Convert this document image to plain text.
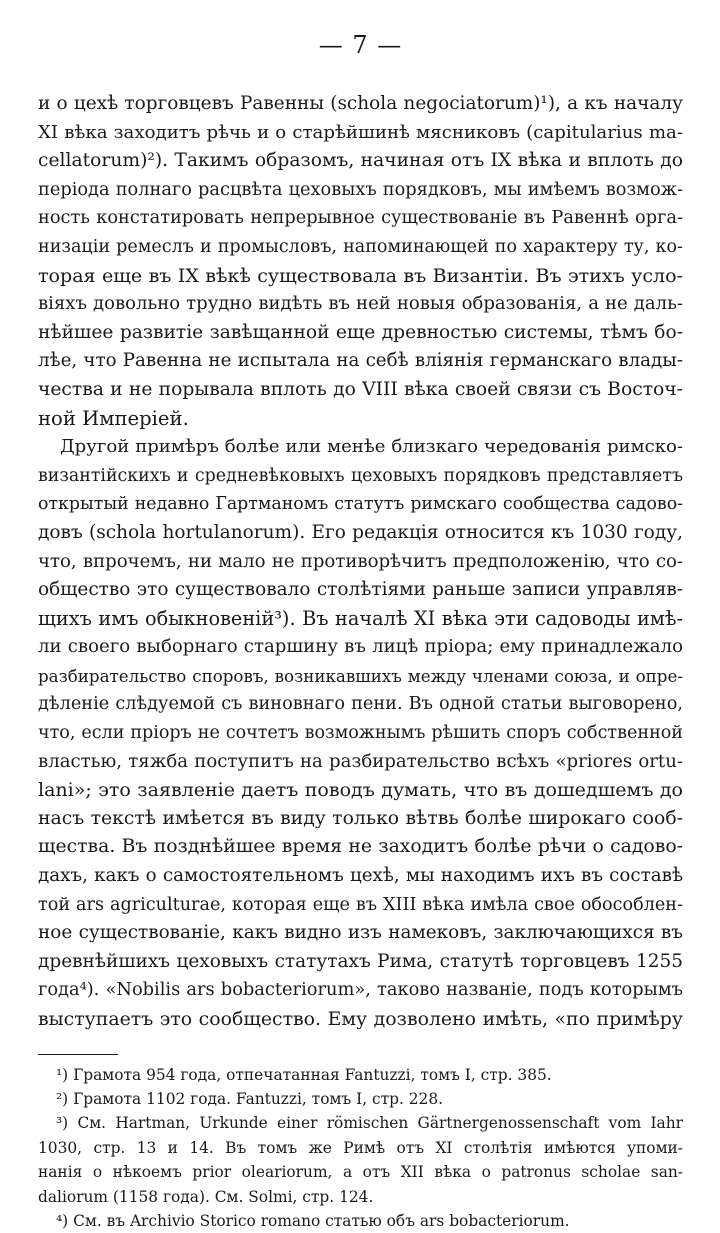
— 7 —
и о цехѣ торговцевъ Равенны (schola negociatorum)¹), а къ началу
XI вѣка заходитъ рѣчь и о старѣйшинѣ мясниковъ (capitularius ma-
cellatorum)²). Такимъ образомъ, начиная отъ IX вѣка и вплоть до
періода полнаго расцвѣта цеховыхъ порядковъ, мы имѣемъ возмож-
ность констатировать непрерывное существованіе въ Равеннѣ орга-
низаціи ремеслъ и промысловъ, напоминающей по характеру ту, ко-
торая еще въ IX вѣкѣ существовала въ Византіи. Въ этихъ усло-
віяхъ довольно трудно видѣть въ ней новыя образованія, а не даль-
нѣйшее развитіе завѣщанной еще древностью системы, тѣмъ бо-
лѣе, что Равенна не испытала на себѣ вліянія германскаго влады-
чества и не порывала вплоть до VIII вѣка своей связи съ Восточ-
ной Имперіей.
Другой примѣръ болѣе или менѣе близкаго чередованія римско-
византійскихъ и средневѣковыхъ цеховыхъ порядковъ представляетъ
открытый недавно Гартманомъ статутъ римскаго сообщества садово-
довъ (schola hortulanorum). Его редакція относится къ 1030 году,
что, впрочемъ, ни мало не противорѣчитъ предположенію, что со-
общество это существовало столѣтіями раньше записи управляв-
щихъ имъ обыкновеній³). Въ началѣ XI вѣка эти садоводы имѣ-
ли своего выборнаго старшину въ лицѣ пріора; ему принадлежало
разбирательство споровъ, возникавшихъ между членами союза, и опре-
дѣленіе слѣдуемой съ виновнаго пени. Въ одной статьи выговорено,
что, если пріоръ не сочтетъ возможнымъ рѣшить споръ собственной
властью, тяжба поступитъ на разбирательство всѣхъ «priores ortu-
lani»; это заявленіе даетъ поводъ думать, что въ дошедшемъ до
насъ текстѣ имѣется въ виду только вѣтвь болѣе широкаго сооб-
щества. Въ позднѣйшее время не заходитъ болѣе рѣчи о садово-
дахъ, какъ о самостоятельномъ цехѣ, мы находимъ ихъ въ составѣ
той ars agriculturae, которая еще въ XIII вѣка имѣла свое обособлен-
ное существованіе, какъ видно изъ намековъ, заключающихся въ
древнѣйшихъ цеховыхъ статутахъ Рима, статутѣ торговцевъ 1255
года⁴). «Nobilis ars bobacteriorum», таково названіе, подъ которымъ
выступаетъ это сообщество. Ему дозволено имѣть, «по примѣру
¹) Грамота 954 года, отпечатанная Fantuzzi, томъ I, стр. 385.
²) Грамота 1102 года. Fantuzzi, томъ I, стр. 228.
³) См. Hartman, Urkunde einer römischen Gärtnergenossenschaft vom Iahr
1030, стр. 13 и 14. Въ томъ же Римѣ отъ XI столѣтія имѣются упоми-
нанія о нѣкоемъ prior oleariorum, а отъ XII вѣка о patronus scholae san-
daliorum (1158 года). См. Solmi, стр. 124.
⁴) См. въ Archivio Storico romano статью объ ars bobacteriorum.
